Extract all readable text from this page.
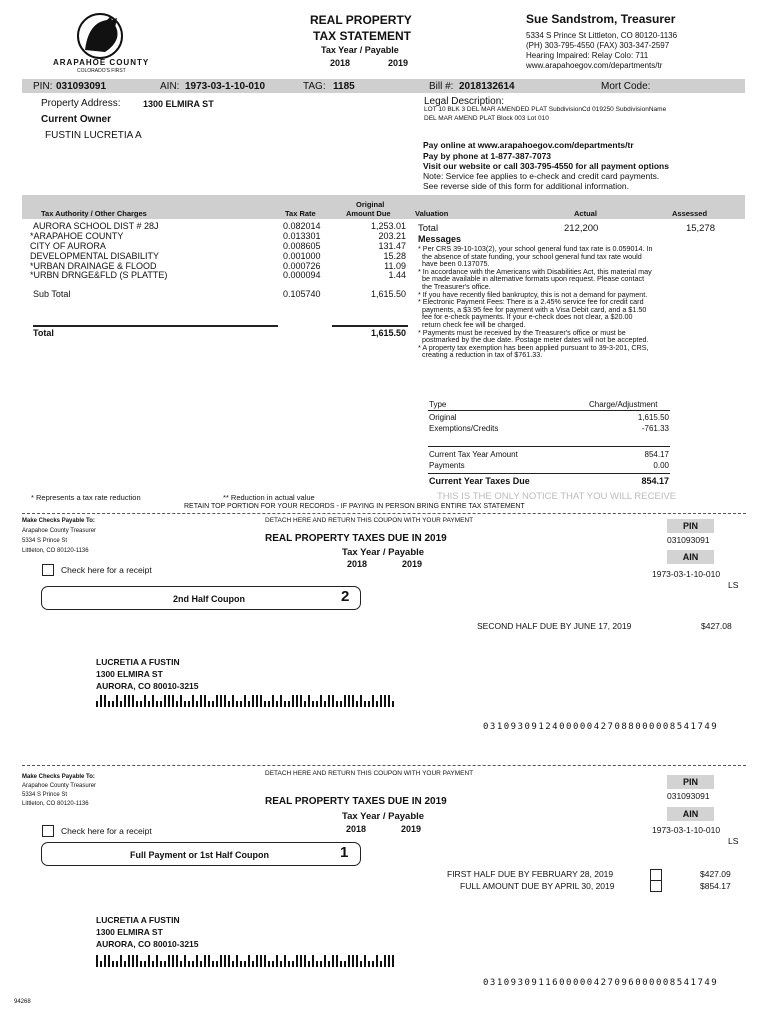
ARAPAHOE COUNTY
COLORADO'S FIRST
REAL PROPERTY
TAX STATEMENT
Tax Year / Payable
2018	2019
Sue Sandstrom, Treasurer
5334 S Prince St Littleton, CO 80120-1136
(PH) 303-795-4550 (FAX) 303-347-2597
Hearing Impaired: Relay Colo: 711
www.arapahoegov.com/departments/tr
PIN: 031093091	AIN: 1973-03-1-10-010	TAG: 1185	Bill #: 2018132614	Mort Code:
Property Address:	1300 ELMIRA ST
Current Owner
FUSTIN LUCRETIA A
Legal Description:
LOT 10 BLK 3 DEL MAR AMENDED PLAT SubdivisionCd 019250 SubdivisionName
DEL MAR AMEND PLAT Block 003 Lot 010
Pay online at www.arapahoegov.com/departments/tr
Pay by phone at 1-877-387-7073
Visit our website or call 303-795-4550 for all payment options
Note: Service fee applies to e-check and credit card payments.
See reverse side of this form for additional information.
Tax Authority / Other Charges	Tax Rate
Original
Amount Due	Valuation	Actual	Assessed
AURORA SCHOOL DIST # 28J	0.082014	1,253.01
*ARAPAHOE COUNTY	0.013301	203.21
CITY OF AURORA	0.008605	131.47
DEVELOPMENTAL DISABILITY	0.001000	15.28
*URBAN DRAINAGE & FLOOD	0.000726	11.09
*URBN DRNGE&FLD (S PLATTE)	0.000094	1.44
Sub Total	0.105740	1,615.50
Total	1,615.50
Total	212,200	15,278
Messages
* Per CRS 39-10-103(2), your school general fund tax rate is 0.059014. In
the absence of state funding, your school general fund tax rate would
have been 0.137075.
* In accordance with the Americans with Disabilities Act, this material may
be made available in alternative formats upon request. Please contact
the Treasurer's office.
* If you have recently filed bankruptcy, this is not a demand for payment.
* Electronic Payment Fees: There is a 2.45% service fee for credit card
payments, a $3.95 fee for payment with a Visa Debit card, and a $1.50
fee for e-check payments. If your e-check does not clear, a $20.00
return check fee will be charged.
* Payments must be received by the Treasurer's office or must be
postmarked by the due date. Postage meter dates will not be accepted.
* A property tax exemption has been applied pursuant to 39-3-201, CRS,
creating a reduction in tax of $761.33.
Type	Charge/Adjustment
Original	1,615.50
Exemptions/Credits	-761.33
Current Tax Year Amount	854.17
Payments	0.00
Current Year Taxes Due	854.17
* Represents a tax rate reduction	** Reduction in actual value	THIS IS THE ONLY NOTICE THAT YOU WILL RECEIVE
RETAIN TOP PORTION FOR YOUR RECORDS - IF PAYING IN PERSON BRING ENTIRE TAX STATEMENT
Make Checks Payable To:
Arapahoe County Treasurer
5334 S Prince St
Littleton, CO 80120-1136
DETACH HERE AND RETURN THIS COUPON WITH YOUR PAYMENT
REAL PROPERTY TAXES DUE IN 2019
Tax Year / Payable
2018	2019
PIN
031093091
AIN
1973-03-1-10-010
LS
Check here for a receipt
2nd Half Coupon	2
SECOND HALF DUE BY JUNE 17, 2019	$427.08
LUCRETIA A FUSTIN
1300 ELMIRA ST
AURORA, CO 80010-3215
0310930912400000427088000008541749
Make Checks Payable To:
Arapahoe County Treasurer
5334 S Prince St
Littleton, CO 80120-1136
DETACH HERE AND RETURN THIS COUPON WITH YOUR PAYMENT
REAL PROPERTY TAXES DUE IN 2019
Tax Year / Payable
2018	2019
PIN
031093091
AIN
1973-03-1-10-010
LS
Check here for a receipt
Full Payment or 1st Half Coupon	1
FIRST HALF DUE BY FEBRUARY 28, 2019	$427.09
FULL AMOUNT DUE BY APRIL 30, 2019	$854.17
LUCRETIA A FUSTIN
1300 ELMIRA ST
AURORA, CO 80010-3215
0310930911600000427096000008541749
94268
